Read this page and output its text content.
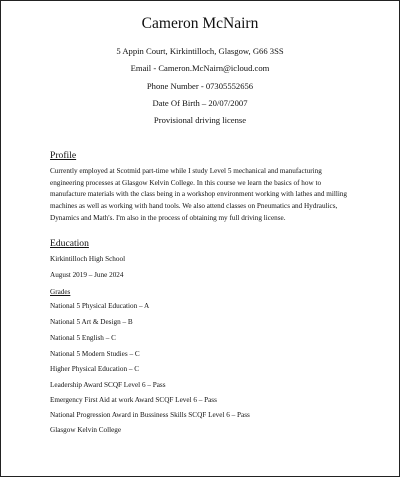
Cameron McNairn
5 Appin Court, Kirkintilloch, Glasgow, G66 3SS
Email - Cameron.McNairn@icloud.com
Phone Number - 07305552656
Date Of Birth – 20/07/2007
Provisional driving license
Profile
Currently employed at Scotmid part-time while I study Level 5 mechanical and manufacturing engineering processes at Glasgow Kelvin College. In this course we learn the basics of how to manufacture materials with the class being in a workshop environment working with lathes and milling machines as well as working with hand tools. We also attend classes on Pneumatics and Hydraulics, Dynamics and Math's. I'm also in the process of obtaining my full driving license.
Education
Kirkintilloch High School
August 2019 – June 2024
Grades
National 5 Physical Education – A
National 5 Art & Design – B
National 5 English – C
National 5 Modern Studies – C
Higher Physical Education – C
Leadership Award SCQF Level 6 – Pass
Emergency First Aid at work Award SCQF Level 6 – Pass
National Progression Award in Bussiness Skills SCQF Level 6 – Pass
Glasgow Kelvin College
